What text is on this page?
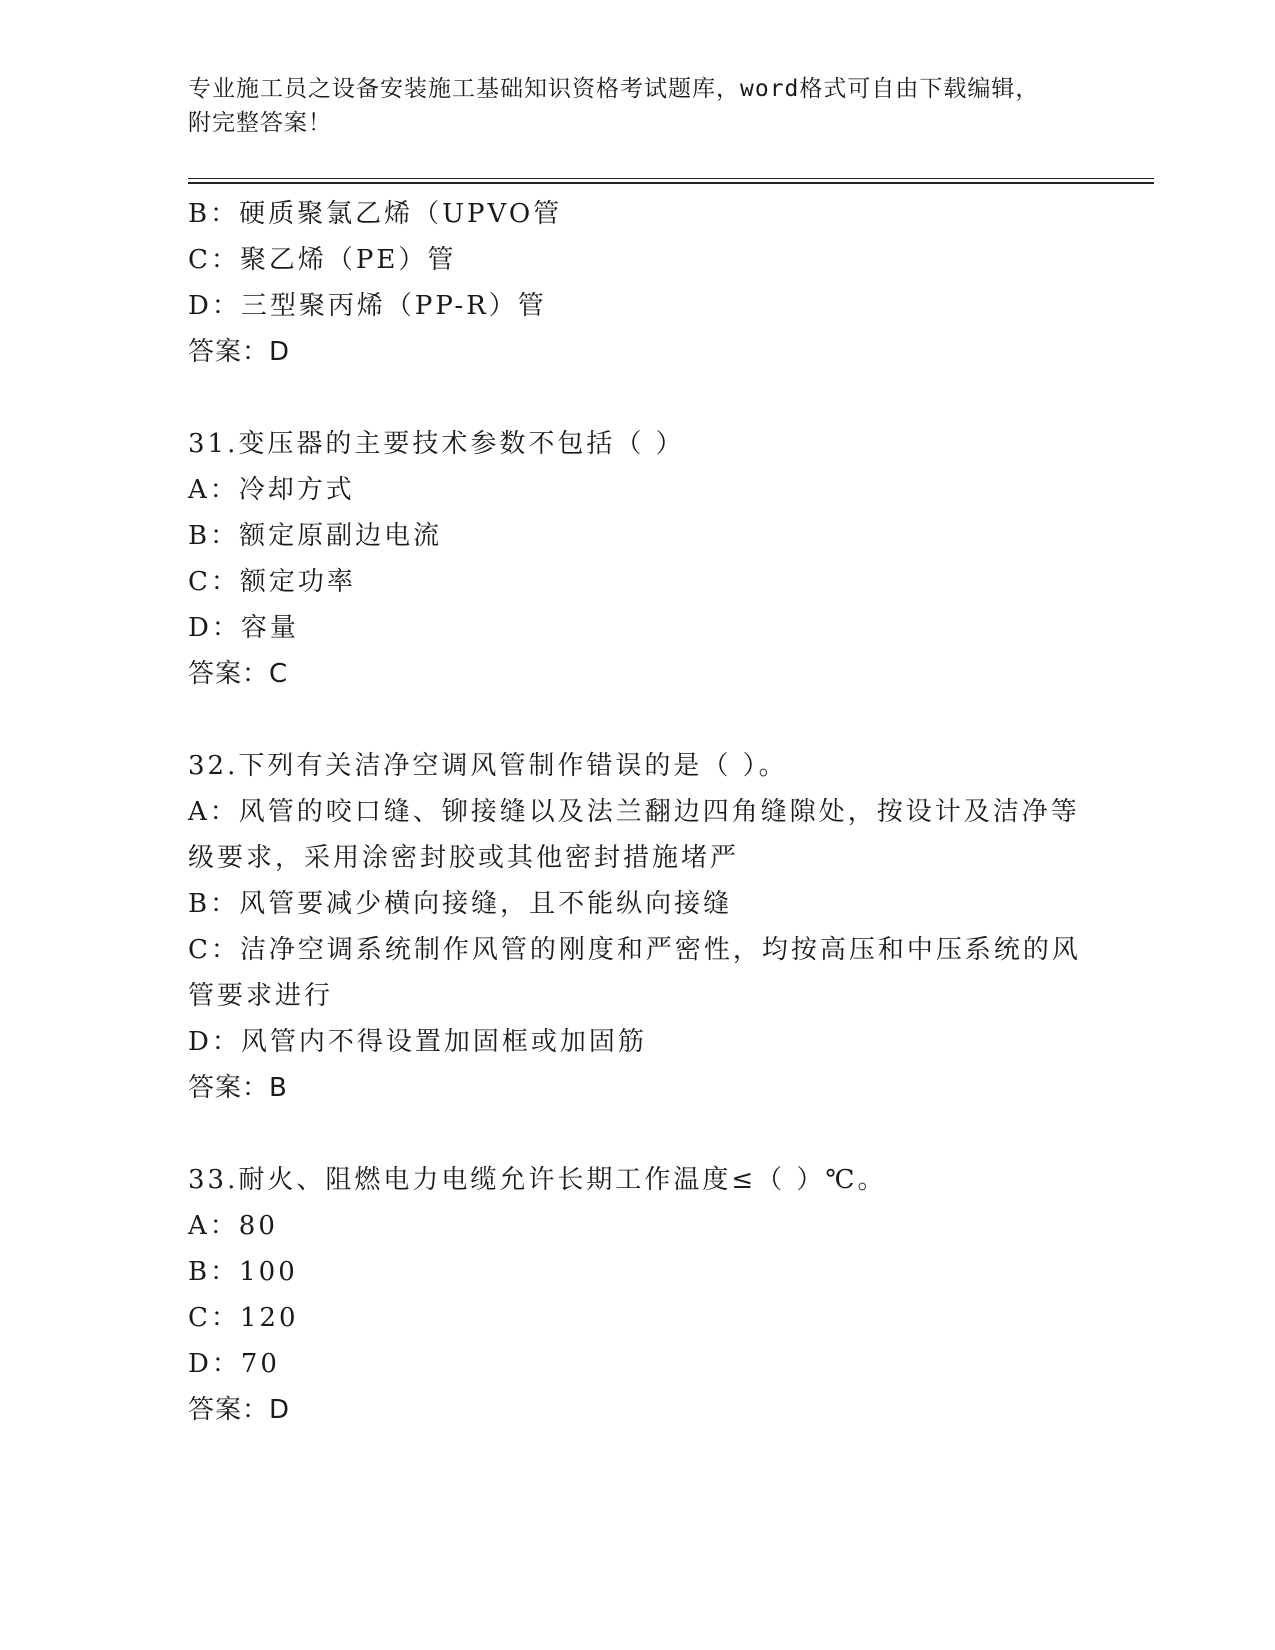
专业施工员之设备安装施工基础知识资格考试题库，word格式可自由下载编辑，
附完整答案！
B：硬质聚氯乙烯（UPVO管
C：聚乙烯（PE）管
D：三型聚丙烯（PP-R）管
答案：D
31.变压器的主要技术参数不包括（ ）
A：冷却方式
B：额定原副边电流
C：额定功率
D：容量
答案：C
32.下列有关洁净空调风管制作错误的是（ ）。
A：风管的咬口缝、铆接缝以及法兰翻边四角缝隙处，按设计及洁净等级要求，采用涂密封胶或其他密封措施堵严
B：风管要减少横向接缝，且不能纵向接缝
C：洁净空调系统制作风管的刚度和严密性，均按高压和中压系统的风管要求进行
D：风管内不得设置加固框或加固筋
答案：B
33.耐火、阻燃电力电缆允许长期工作温度≤（ ）℃。
A：80
B：100
C：120
D：70
答案：D
